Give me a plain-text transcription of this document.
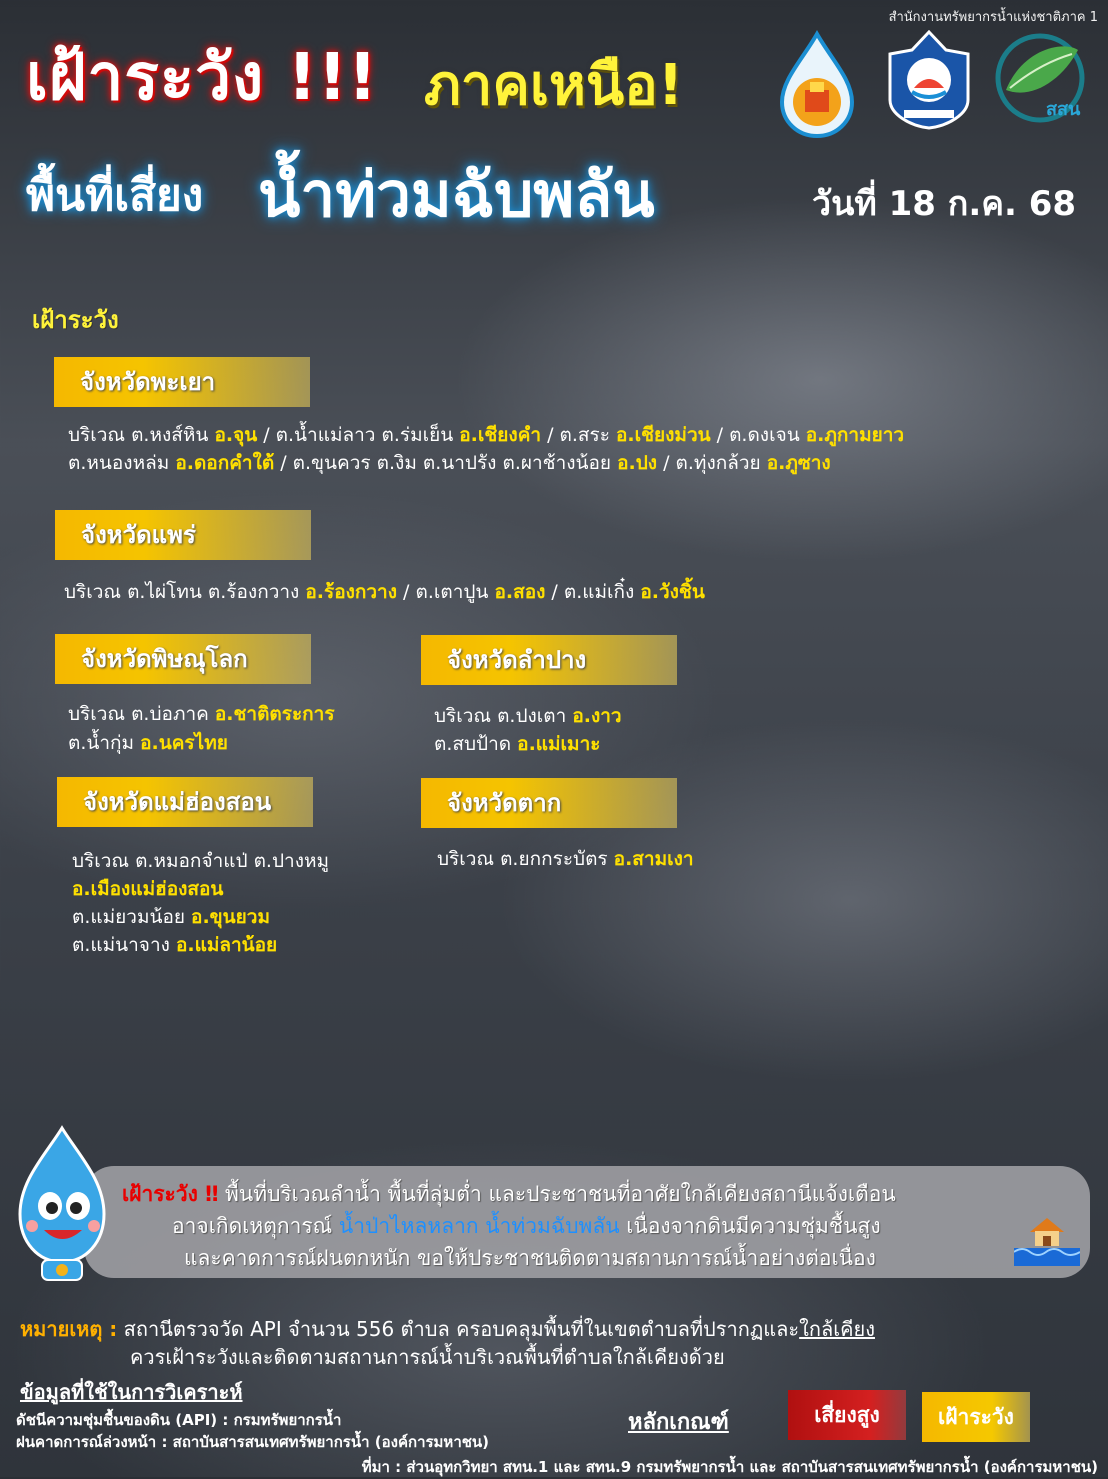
สำนักงานทรัพยากรน้ำแห่งชาติภาค 1
เฝ้าระวัง !!! ภาคเหนือ!
พื้นที่เสี่ยง น้ำท่วมฉับพลัน	วันที่ 18 ก.ค. 68
สสน
เฝ้าระวัง
จังหวัดพะเยา
บริเวณ ต.หงส์หิน อ.จุน / ต.น้ำแม่ลาว ต.ร่มเย็น อ.เชียงคำ / ต.สระ อ.เชียงม่วน / ต.ดงเจน อ.ภูกามยาว
ต.หนองหล่ม อ.ดอกคำใต้ / ต.ขุนควร ต.งิม ต.นาปรัง ต.ผาช้างน้อย อ.ปง / ต.ทุ่งกล้วย อ.ภูซาง
จังหวัดแพร่
บริเวณ ต.ไผ่โทน ต.ร้องกวาง อ.ร้องกวาง / ต.เตาปูน อ.สอง / ต.แม่เกิ๋ง อ.วังชิ้น
จังหวัดพิษณุโลก
บริเวณ ต.บ่อภาค อ.ชาติตระการ
ต.น้ำกุ่ม อ.นครไทย
จังหวัดลำปาง
บริเวณ ต.ปงเตา อ.งาว
ต.สบป้าด อ.แม่เมาะ
จังหวัดแม่ฮ่องสอน
บริเวณ ต.หมอกจำแป่ ต.ปางหมู
อ.เมืองแม่ฮ่องสอน
ต.แม่ยวมน้อย อ.ขุนยวม
ต.แม่นาจาง อ.แม่ลาน้อย
จังหวัดตาก
บริเวณ ต.ยกกระบัตร อ.สามเงา
เฝ้าระวัง ‼ พื้นที่บริเวณลำน้ำ พื้นที่ลุ่มต่ำ และประชาชนที่อาศัยใกล้เคียงสถานีแจ้งเตือน
อาจเกิดเหตุการณ์ น้ำป่าไหลหลาก น้ำท่วมฉับพลัน เนื่องจากดินมีความชุ่มชื้นสูง
และคาดการณ์ฝนตกหนัก ขอให้ประชาชนติดตามสถานการณ์น้ำอย่างต่อเนื่อง
หมายเหตุ : สถานีตรวจวัด API จำนวน 556 ตำบล ครอบคลุมพื้นที่ในเขตตำบลที่ปรากฏและใกล้เคียง
ควรเฝ้าระวังและติดตามสถานการณ์น้ำบริเวณพื้นที่ตำบลใกล้เคียงด้วย
ข้อมูลที่ใช้ในการวิเคราะห์
ดัชนีความชุ่มชื้นของดิน (API) : กรมทรัพยากรน้ำ
ฝนคาดการณ์ล่วงหน้า : สถาบันสารสนเทศทรัพยากรน้ำ (องค์การมหาชน)
หลักเกณฑ์	เสี่ยงสูง	เฝ้าระวัง
ที่มา : ส่วนอุทกวิทยา สทน.1 และ สทน.9 กรมทรัพยากรน้ำ และ สถาบันสารสนเทศทรัพยากรน้ำ (องค์การมหาชน)
